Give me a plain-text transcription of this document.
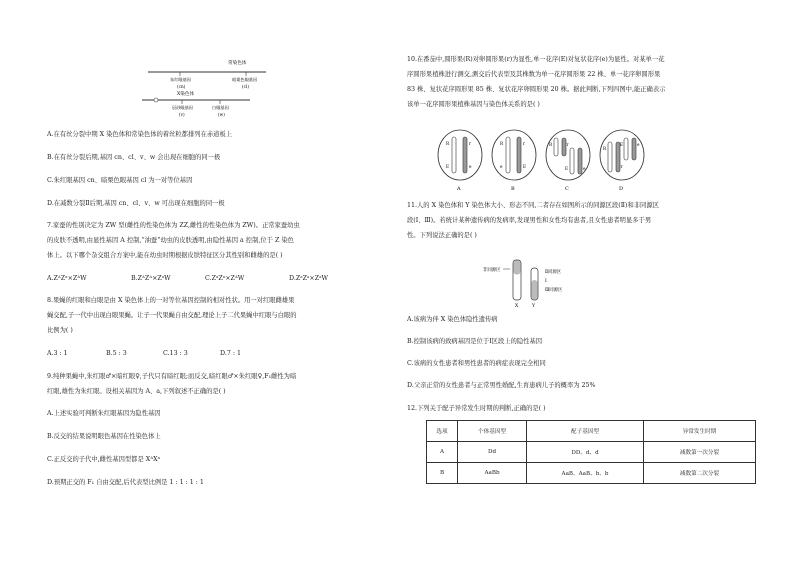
常染色体
朱红眼基因
(cn)
暗栗色眼基因
(cl)
X染色体
辰砂眼基因
(v)
白眼基因
(w)
A.在有丝分裂中期 X 染色体和常染色体的着丝粒都排列在赤道板上
B.在有丝分裂后期,基因 cn、cl、v、w 会出现在细胞的同一极
C.朱红眼基因 cn、暗栗色眼基因 cl 为一对等位基因
D.在减数分裂Ⅱ后期,基因 cn、cl、v、w 可出现在细胞的同一极
7.家蚕的性别决定为 ZW 型(雌性的性染色体为 ZZ,雌性的性染色体为 ZW)。正常家蚕幼虫
的皮肤不透明,由显性基因 A 控制,“油蚕”幼虫的皮肤透明,由隐性基因 a 控制,位于 Z 染色
体上。以下哪个杂交组合方案中,能在幼虫时期根据皮肤特征区分其性别和雌雄的是( )
A.ZᴬZᵃ×ZᴬW	B.ZᴬZᴬ×ZᵃW	C.ZᵃZᵃ×ZᴬW	D.ZᵃZᵃ×ZᵃW
8.果蝇的红眼和白眼是由 X 染色体上的一对等位基因控制的相对性状。用一对红眼雌雄果
蝇交配,子一代中出现白眼果蝇。让子一代果蝇自由交配,理论上子二代果蝇中红眼与白眼的
比例为( )
A.3 : 1	B.5 : 3	C.13 : 3	D.7 : 1
9.纯种果蝇中,朱红眼♂×暗红眼♀,子代只有暗红眼;而反交,暗红眼♂×朱红眼♀,F₁雌性为暗
红眼,雄性为朱红眼。设相关基因为 A、a,下列叙述不正确的是( )
A.上述实验可判断朱红眼基因为隐性基因
B.反交的结果说明眼色基因在性染色体上
C.正反交的子代中,雌性基因型都是 XᴬXᵃ
D.预期正交的 F₁ 自由交配,后代表型比例是 1 : 1 : 1 : 1
10.在番茄中,圆形果(R)对卵圆形果(r)为显性,单一花序(E)对复状花序(e)为显性。对某单一花
序圆形果植株进行测交,测交后代表型及其株数为单一花序圆形果 22 株、单一花序卵圆形果
83 株、复状花序圆形果 85 株、复状花序卵圆形果 20 株。据此判断,下列四图中,能正确表示
该单一花序圆形果植株基因与染色体关系的是( )
R
E
r
e
A
R
e
r
E
B
R	r
E	e
C
R
r
E	e
D
11.人的 X 染色体和 Y 染色体大小、形态不同,二者存在如图所示的同源区段(Ⅱ)和非同源区
段(Ⅰ、Ⅲ)。若统计某种遗传病的发病率,发现男性和女性均有患者,且女性患者明显多于男
性。下列说法正确的是( )
非同源区	Ⅱ同源区
Ⅰ
Ⅲ同源区
X	Y
A.该病为伴 X 染色体隐性遗传病
B.控制该病的致病基因是位于Ⅰ区段上的隐性基因
C.该病的女性患者和男性患者的病症表现完全相同
D.父亲正常的女性患者与正常男性婚配,生育患病儿子的概率为 25%
12.下列关于配子异常发生时期的判断,正确的是( )
选项	个体基因型	配子基因型	异常发生时期
A	Dd	DD、d、d	减数第一次分裂
B	AaBb	AaB、AaB、b、b	减数第二次分裂
